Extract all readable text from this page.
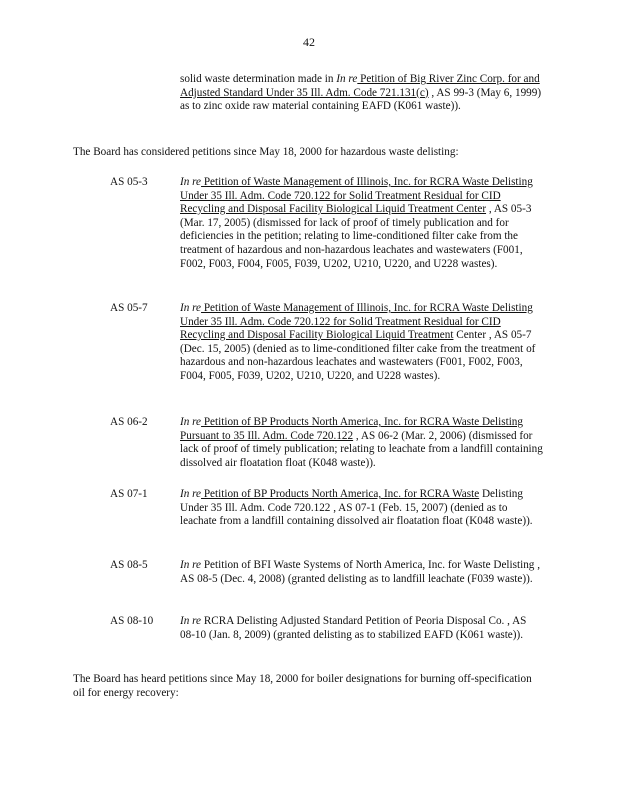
42
solid waste determination made in In re Petition of Big River Zinc Corp. for and Adjusted Standard Under 35 Ill. Adm. Code 721.131(c) , AS 99-3 (May 6, 1999) as to zinc oxide raw material containing EAFD (K061 waste)).
The Board has considered petitions since May 18, 2000 for hazardous waste delisting:
AS 05-3	In re Petition of Waste Management of Illinois, Inc. for RCRA Waste Delisting Under 35 Ill. Adm. Code 720.122 for Solid Treatment Residual for CID Recycling and Disposal Facility Biological Liquid Treatment Center , AS 05-3 (Mar. 17, 2005) (dismissed for lack of proof of timely publication and for deficiencies in the petition; relating to lime-conditioned filter cake from the treatment of hazardous and non-hazardous leachates and wastewaters (F001, F002, F003, F004, F005, F039, U202, U210, U220, and U228 wastes).
AS 05-7	In re Petition of Waste Management of Illinois, Inc. for RCRA Waste Delisting Under 35 Ill. Adm. Code 720.122 for Solid Treatment Residual for CID Recycling and Disposal Facility Biological Liquid Treatment Center , AS 05-7 (Dec. 15, 2005) (denied as to lime-conditioned filter cake from the treatment of hazardous and non-hazardous leachates and wastewaters (F001, F002, F003, F004, F005, F039, U202, U210, U220, and U228 wastes).
AS 06-2	In re Petition of BP Products North America, Inc. for RCRA Waste Delisting Pursuant to 35 Ill. Adm. Code 720.122 , AS 06-2 (Mar. 2, 2006) (dismissed for lack of proof of timely publication; relating to leachate from a landfill containing dissolved air floatation float (K048 waste)).
AS 07-1	In re Petition of BP Products North America, Inc. for RCRA Waste Delisting Under 35 Ill. Adm. Code 720.122 , AS 07-1 (Feb. 15, 2007) (denied as to leachate from a landfill containing dissolved air floatation float (K048 waste)).
AS 08-5	In re Petition of BFI Waste Systems of North America, Inc. for Waste Delisting , AS 08-5 (Dec. 4, 2008) (granted delisting as to landfill leachate (F039 waste)).
AS 08-10	In re RCRA Delisting Adjusted Standard Petition of Peoria Disposal Co. , AS 08-10 (Jan. 8, 2009) (granted delisting as to stabilized EAFD (K061 waste)).
The Board has heard petitions since May 18, 2000 for boiler designations for burning off-specification oil for energy recovery:
